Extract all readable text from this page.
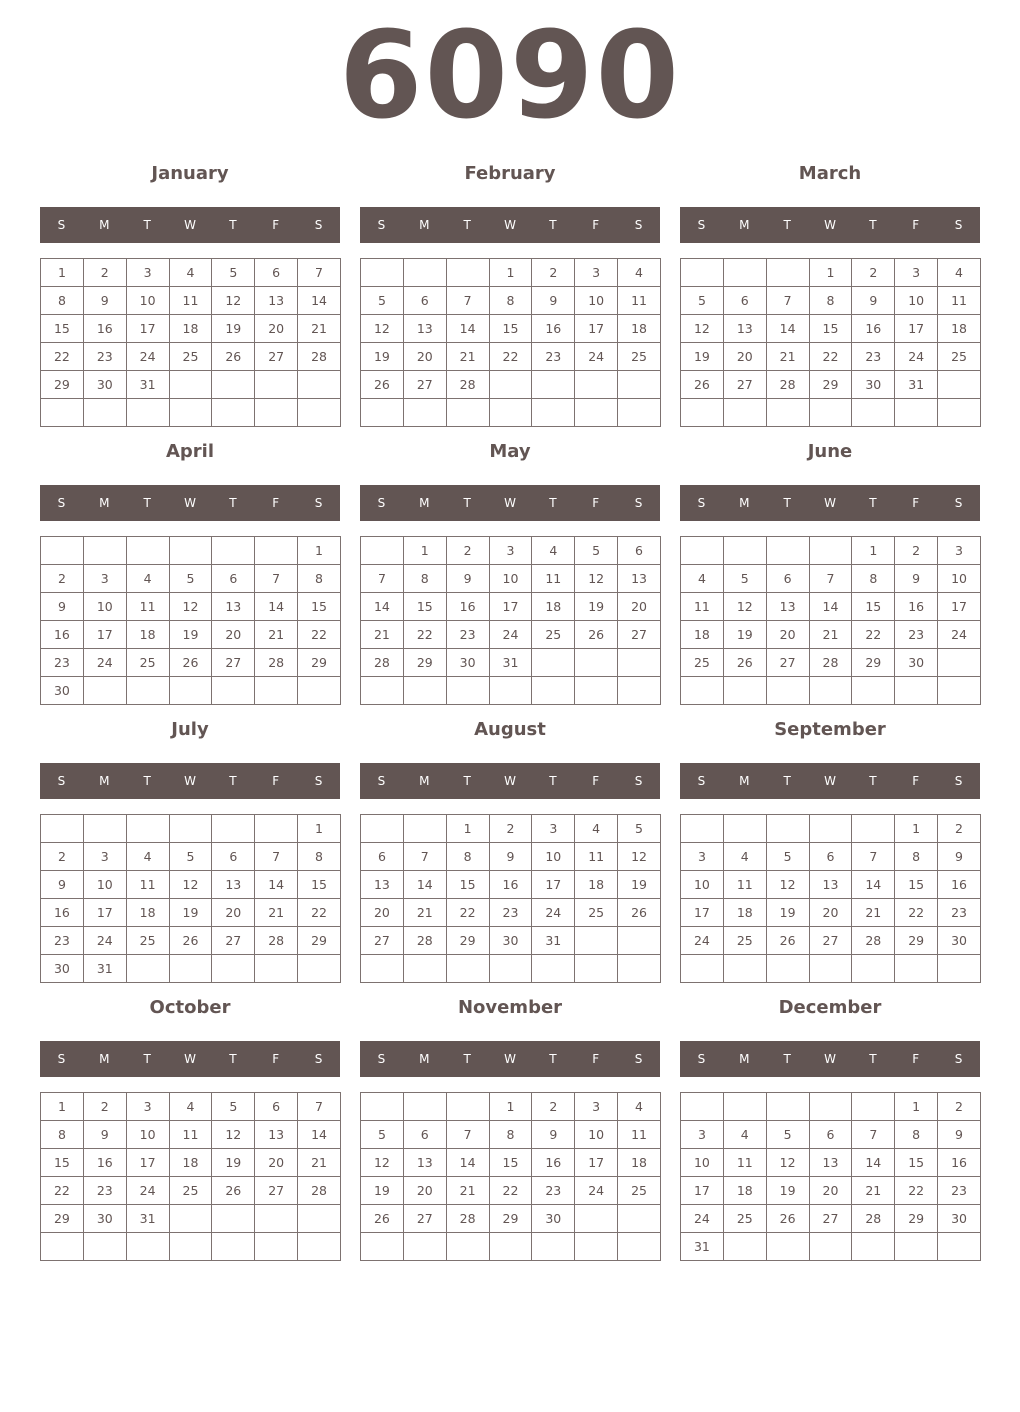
6090
January
S	M	T	W	T	F	S
1	2	3	4	5	6	7
8	9	10	11	12	13	14
15	16	17	18	19	20	21
22	23	24	25	26	27	28
29	30	31				

February
S	M	T	W	T	F	S
			1	2	3	4
5	6	7	8	9	10	11
12	13	14	15	16	17	18
19	20	21	22	23	24	25
26	27	28				

March
S	M	T	W	T	F	S
			1	2	3	4
5	6	7	8	9	10	11
12	13	14	15	16	17	18
19	20	21	22	23	24	25
26	27	28	29	30	31	

April
S	M	T	W	T	F	S
						1
2	3	4	5	6	7	8
9	10	11	12	13	14	15
16	17	18	19	20	21	22
23	24	25	26	27	28	29
30						
May
S	M	T	W	T	F	S
	1	2	3	4	5	6
7	8	9	10	11	12	13
14	15	16	17	18	19	20
21	22	23	24	25	26	27
28	29	30	31			

June
S	M	T	W	T	F	S
				1	2	3
4	5	6	7	8	9	10
11	12	13	14	15	16	17
18	19	20	21	22	23	24
25	26	27	28	29	30	

July
S	M	T	W	T	F	S
						1
2	3	4	5	6	7	8
9	10	11	12	13	14	15
16	17	18	19	20	21	22
23	24	25	26	27	28	29
30	31					
August
S	M	T	W	T	F	S
		1	2	3	4	5
6	7	8	9	10	11	12
13	14	15	16	17	18	19
20	21	22	23	24	25	26
27	28	29	30	31		

September
S	M	T	W	T	F	S
					1	2
3	4	5	6	7	8	9
10	11	12	13	14	15	16
17	18	19	20	21	22	23
24	25	26	27	28	29	30

October
S	M	T	W	T	F	S
1	2	3	4	5	6	7
8	9	10	11	12	13	14
15	16	17	18	19	20	21
22	23	24	25	26	27	28
29	30	31				

November
S	M	T	W	T	F	S
			1	2	3	4
5	6	7	8	9	10	11
12	13	14	15	16	17	18
19	20	21	22	23	24	25
26	27	28	29	30		

December
S	M	T	W	T	F	S
					1	2
3	4	5	6	7	8	9
10	11	12	13	14	15	16
17	18	19	20	21	22	23
24	25	26	27	28	29	30
31						
